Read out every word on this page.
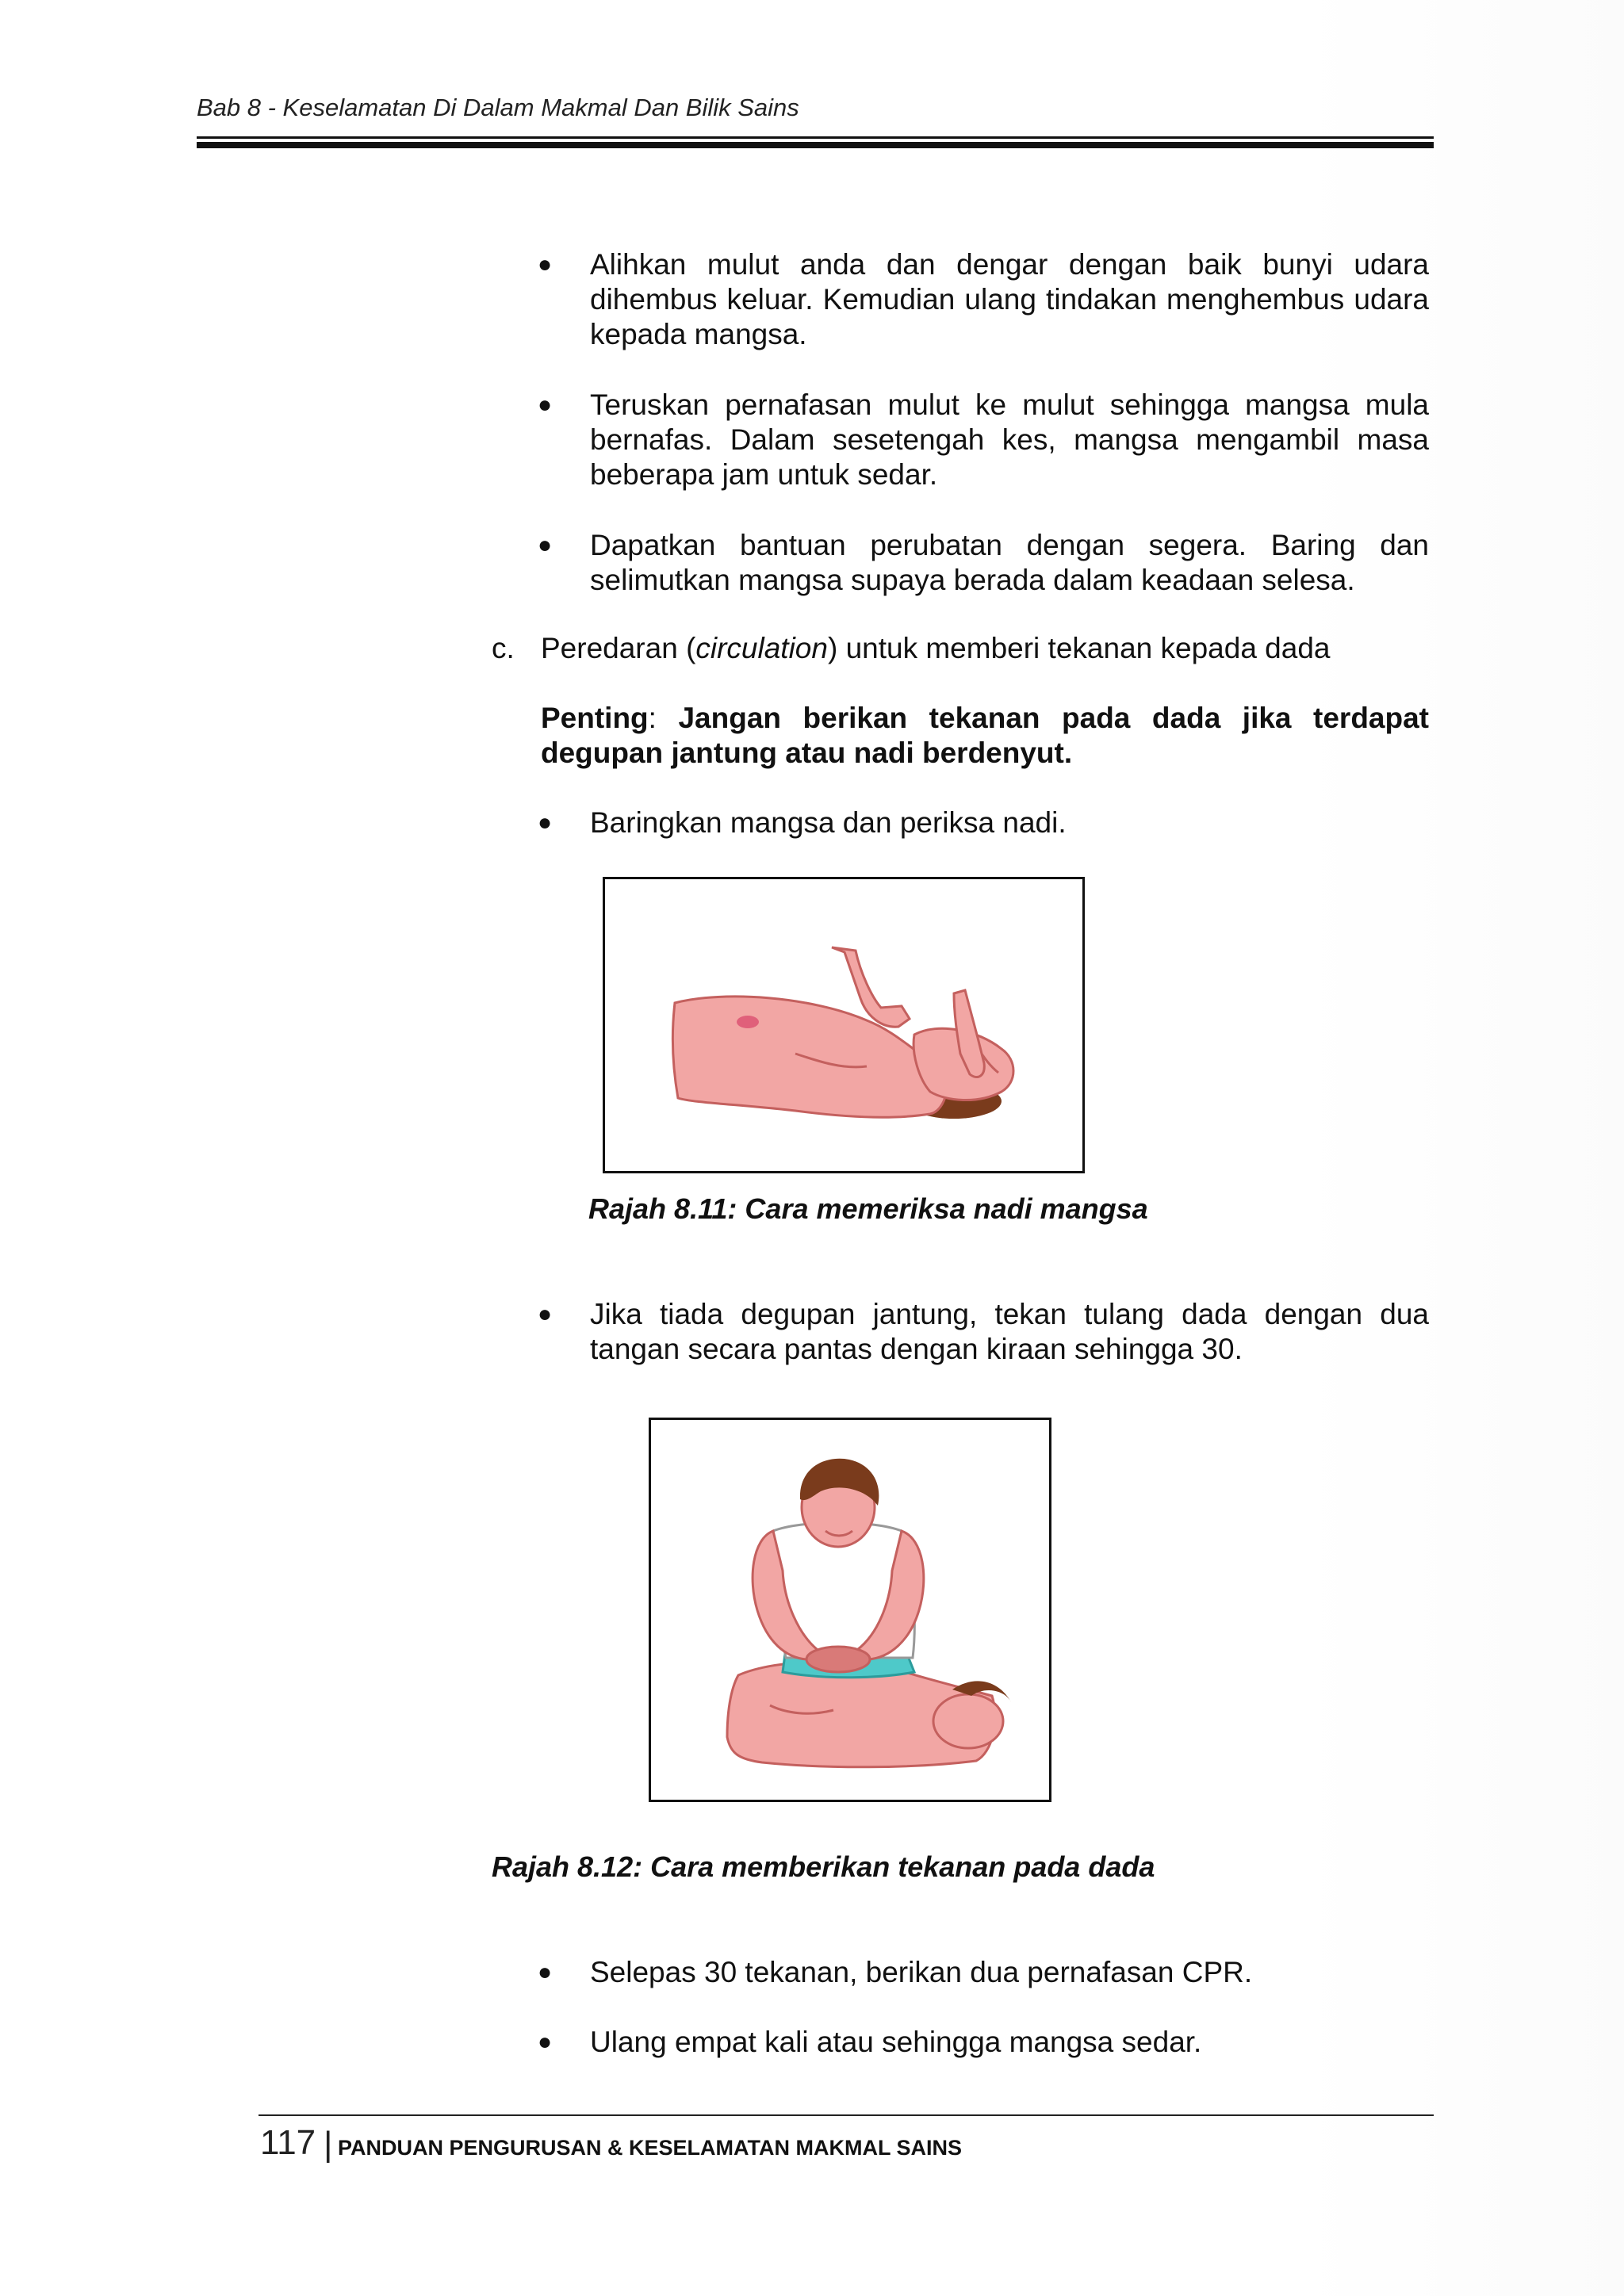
Bab 8 - Keselamatan Di Dalam Makmal Dan Bilik Sains
● Alihkan mulut anda dan dengar dengan baik bunyi udara dihembus keluar. Kemudian ulang tindakan menghembus udara kepada mangsa.
● Teruskan pernafasan mulut ke mulut sehingga mangsa mula bernafas. Dalam sesetengah kes, mangsa mengambil masa beberapa jam untuk sedar.
● Dapatkan bantuan perubatan dengan segera. Baring dan selimutkan mangsa supaya berada dalam keadaan selesa.
c. Peredaran (circulation) untuk memberi tekanan kepada dada
Penting: Jangan berikan tekanan pada dada jika terdapat degupan jantung atau nadi berdenyut.
● Baringkan mangsa dan periksa nadi.
Rajah 8.11: Cara memeriksa nadi mangsa
● Jika tiada degupan jantung, tekan tulang dada dengan dua tangan secara pantas dengan kiraan sehingga 30.
Rajah 8.12: Cara memberikan tekanan pada dada
● Selepas 30 tekanan, berikan dua pernafasan CPR.
● Ulang empat kali atau sehingga mangsa sedar.
117 | PANDUAN PENGURUSAN & KESELAMATAN MAKMAL SAINS
